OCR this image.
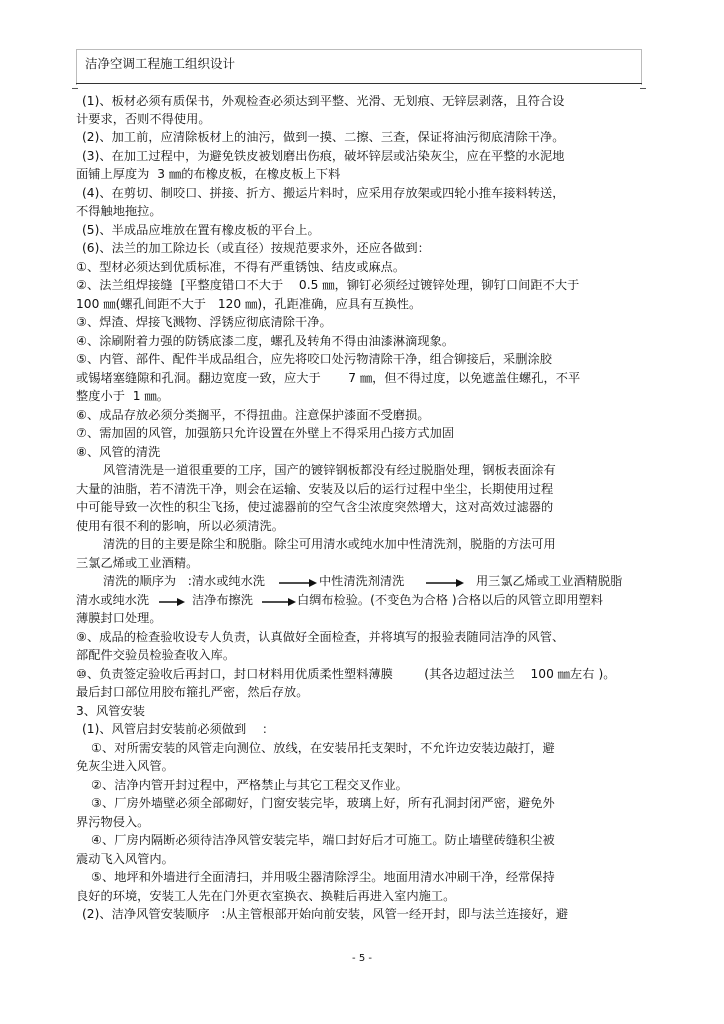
洁净空调工程施工组织设计
(1)、板材必须有质保书，外观检查必须达到平整、光滑、无划痕、无锌层剥落，且符合设
计要求，否则不得使用。
(2)、加工前，应清除板材上的油污，做到一摸、二擦、三查，保证将油污彻底清除干净。
(3)、在加工过程中，为避免铁皮被划磨出伤痕，破坏锌层或沾染灰尘，应在平整的水泥地
面铺上厚度为  3 ㎜的布橡皮板，在橡皮板上下料
(4)、在剪切、制咬口、拼接、折方、搬运片料时，应采用存放架或四轮小推车接料转送，
不得触地拖拉。
(5)、半成品应堆放在置有橡皮板的平台上。
(6)、法兰的加工除边长（或直径）按规范要求外，还应各做到：
①、型材必须达到优质标准，不得有严重锈蚀、结皮或麻点。
②、法兰组焊接缝  [平整度错口不大于    0.5 ㎜，铆钉必须经过镀锌处理，铆钉口间距不大于
100 ㎜(螺孔间距不大于   120 ㎜)，孔距准确，应具有互换性。
③、焊渣、焊接飞溅物、浮锈应彻底清除干净。
④、涂刷附着力强的防锈底漆二度，螺孔及转角不得由油漆淋滴现象。
⑤、内管、部件、配件半成品组合，应先将咬口处污物清除干净，组合铆接后，采删涂胶
或锡堵塞缝隙和孔洞。翻边宽度一致，应大于       7 ㎜，但不得过度，以免遮盖住螺孔，不平
整度小于  1 ㎜。
⑥、成品存放必须分类搁平，不得扭曲。注意保护漆面不受磨损。
⑦、需加固的风管，加强筋只允许设置在外壁上不得采用凸接方式加固
⑧、风管的清洗
风管清洗是一道很重要的工序，国产的镀锌钢板都没有经过脱脂处理，钢板表面涂有
大量的油脂，若不清洗干净，则会在运输、安装及以后的运行过程中坐尘，长期使用过程
中可能导致一次性的积尘飞扬，使过滤器前的空气含尘浓度突然增大，这对高效过滤器的
使用有很不利的影响，所以必须清洗。
清洗的目的主要是除尘和脱脂。除尘可用清水或纯水加中性清洗剂，脱脂的方法可用
三氯乙烯或工业酒精。
清洗的顺序为   :清水或纯水洗	中性清洗剂清洗	用三氯乙烯或工业酒精脱脂
清水或纯水洗	洁净布擦洗	白绸布检验。(不变色为合格 )合格以后的风管立即用塑料
薄膜封口处理。
⑨、成品的检查验收设专人负责，认真做好全面检查，并将填写的报验表随同洁净的风管、
部配件交验员检验查收入库。
⑩、负责签定验收后再封口，封口材料用优质柔性塑料薄膜        (其各边超过法兰    100 ㎜左右 )。
最后封口部位用胶布箍扎严密，然后存放。
3、风管安装
(1)、风管启封安装前必须做到    ：
①、对所需安装的风管走向测位、放线，在安装吊托支架时，不允许边安装边敲打，避
免灰尘进入风管。
②、洁净内管开封过程中，严格禁止与其它工程交叉作业。
③、厂房外墙壁必须全部砌好，门窗安装完毕，玻璃上好，所有孔洞封闭严密，避免外
界污物侵入。
④、厂房内隔断必须待洁净风管安装完毕，端口封好后才可施工。防止墙壁砖缝积尘被
震动飞入风管内。
⑤、地坪和外墙进行全面清扫，并用吸尘器清除浮尘。地面用清水冲刷干净，经常保持
良好的环境，安装工人先在门外更衣室换衣、换鞋后再进入室内施工。
(2)、洁净风管安装顺序   :从主管根部开始向前安装，风管一经开封，即与法兰连接好，避
- 5 -
